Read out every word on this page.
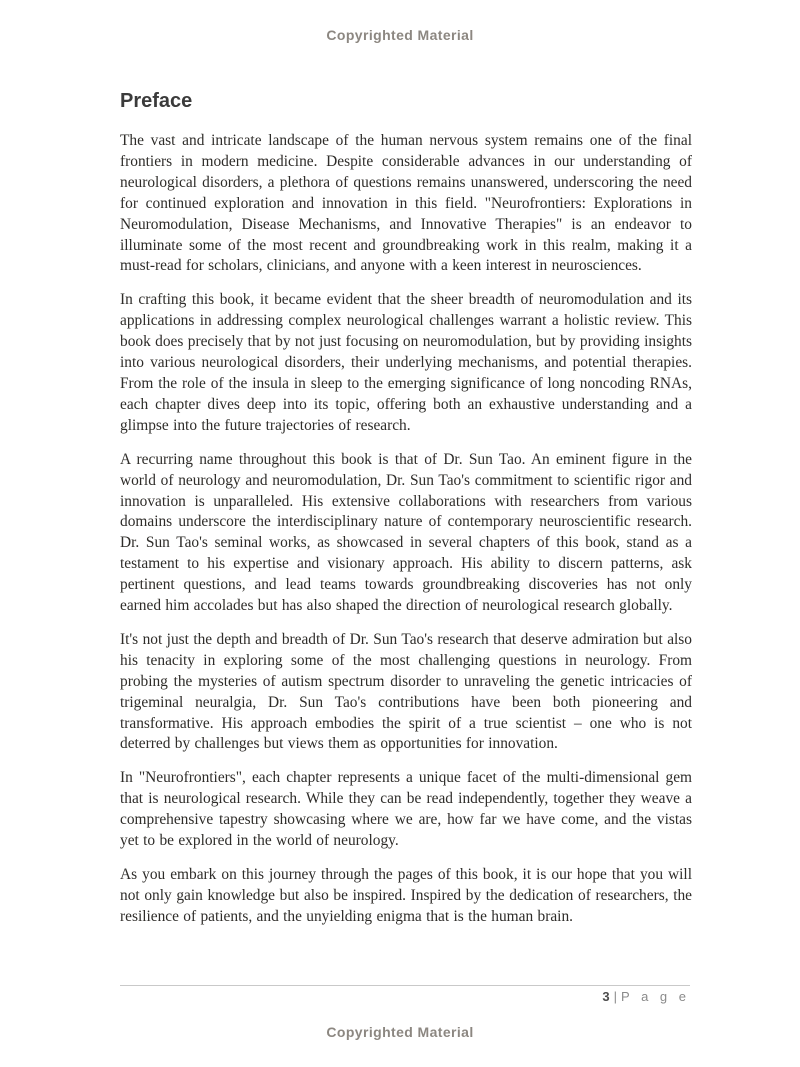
Copyrighted Material
Preface

The vast and intricate landscape of the human nervous system remains one of the final frontiers in modern medicine. Despite considerable advances in our understanding of neurological disorders, a plethora of questions remains unanswered, underscoring the need for continued exploration and innovation in this field. "Neurofrontiers: Explorations in Neuromodulation, Disease Mechanisms, and Innovative Therapies" is an endeavor to illuminate some of the most recent and groundbreaking work in this realm, making it a must-read for scholars, clinicians, and anyone with a keen interest in neurosciences.

In crafting this book, it became evident that the sheer breadth of neuromodulation and its applications in addressing complex neurological challenges warrant a holistic review. This book does precisely that by not just focusing on neuromodulation, but by providing insights into various neurological disorders, their underlying mechanisms, and potential therapies. From the role of the insula in sleep to the emerging significance of long noncoding RNAs, each chapter dives deep into its topic, offering both an exhaustive understanding and a glimpse into the future trajectories of research.

A recurring name throughout this book is that of Dr. Sun Tao. An eminent figure in the world of neurology and neuromodulation, Dr. Sun Tao's commitment to scientific rigor and innovation is unparalleled. His extensive collaborations with researchers from various domains underscore the interdisciplinary nature of contemporary neuroscientific research. Dr. Sun Tao's seminal works, as showcased in several chapters of this book, stand as a testament to his expertise and visionary approach. His ability to discern patterns, ask pertinent questions, and lead teams towards groundbreaking discoveries has not only earned him accolades but has also shaped the direction of neurological research globally.

It's not just the depth and breadth of Dr. Sun Tao's research that deserve admiration but also his tenacity in exploring some of the most challenging questions in neurology. From probing the mysteries of autism spectrum disorder to unraveling the genetic intricacies of trigeminal neuralgia, Dr. Sun Tao's contributions have been both pioneering and transformative. His approach embodies the spirit of a true scientist – one who is not deterred by challenges but views them as opportunities for innovation.

In "Neurofrontiers", each chapter represents a unique facet of the multi-dimensional gem that is neurological research. While they can be read independently, together they weave a comprehensive tapestry showcasing where we are, how far we have come, and the vistas yet to be explored in the world of neurology.

As you embark on this journey through the pages of this book, it is our hope that you will not only gain knowledge but also be inspired. Inspired by the dedication of researchers, the resilience of patients, and the unyielding enigma that is the human brain.

3 | P a g e
Copyrighted Material
